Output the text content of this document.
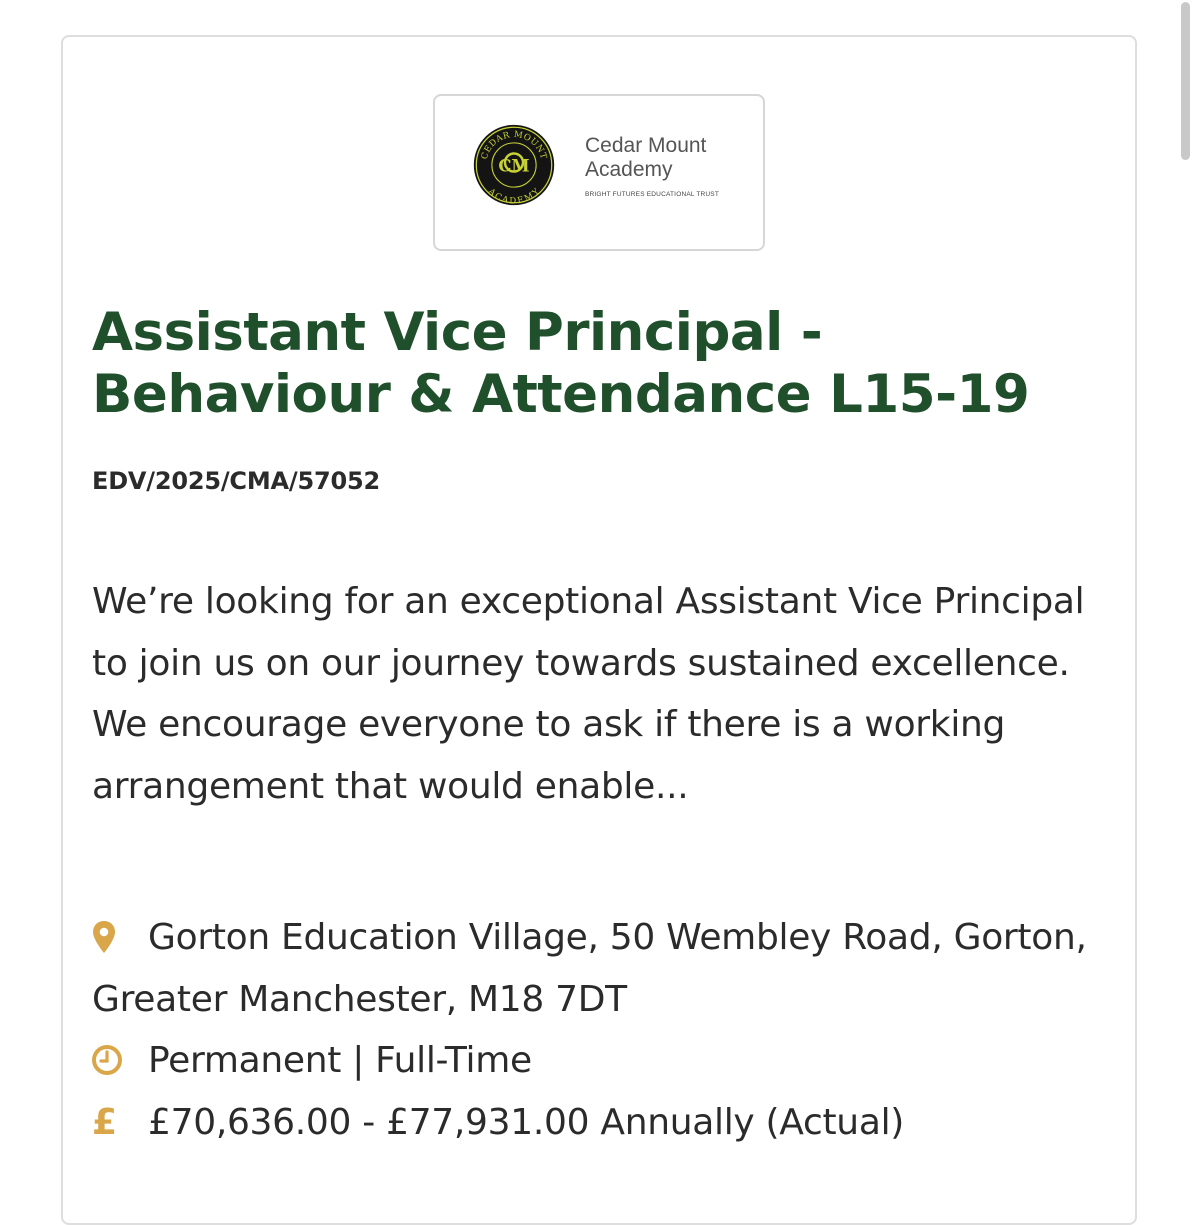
CEDAR MOUNT
ACADEMY
CM
Cedar Mount
Academy
BRIGHT FUTURES EDUCATIONAL TRUST
Assistant Vice Principal - Behaviour & Attendance L15-19
EDV/2025/CMA/57052

We’re looking for an exceptional Assistant Vice Principal to join us on our journey towards sustained excellence. We encourage everyone to ask if there is a working arrangement that would enable...

Gorton Education Village, 50 Wembley Road, Gorton, Greater Manchester, M18 7DT
Permanent | Full-Time
£ £70,636.00 - £77,931.00 Annually (Actual)
